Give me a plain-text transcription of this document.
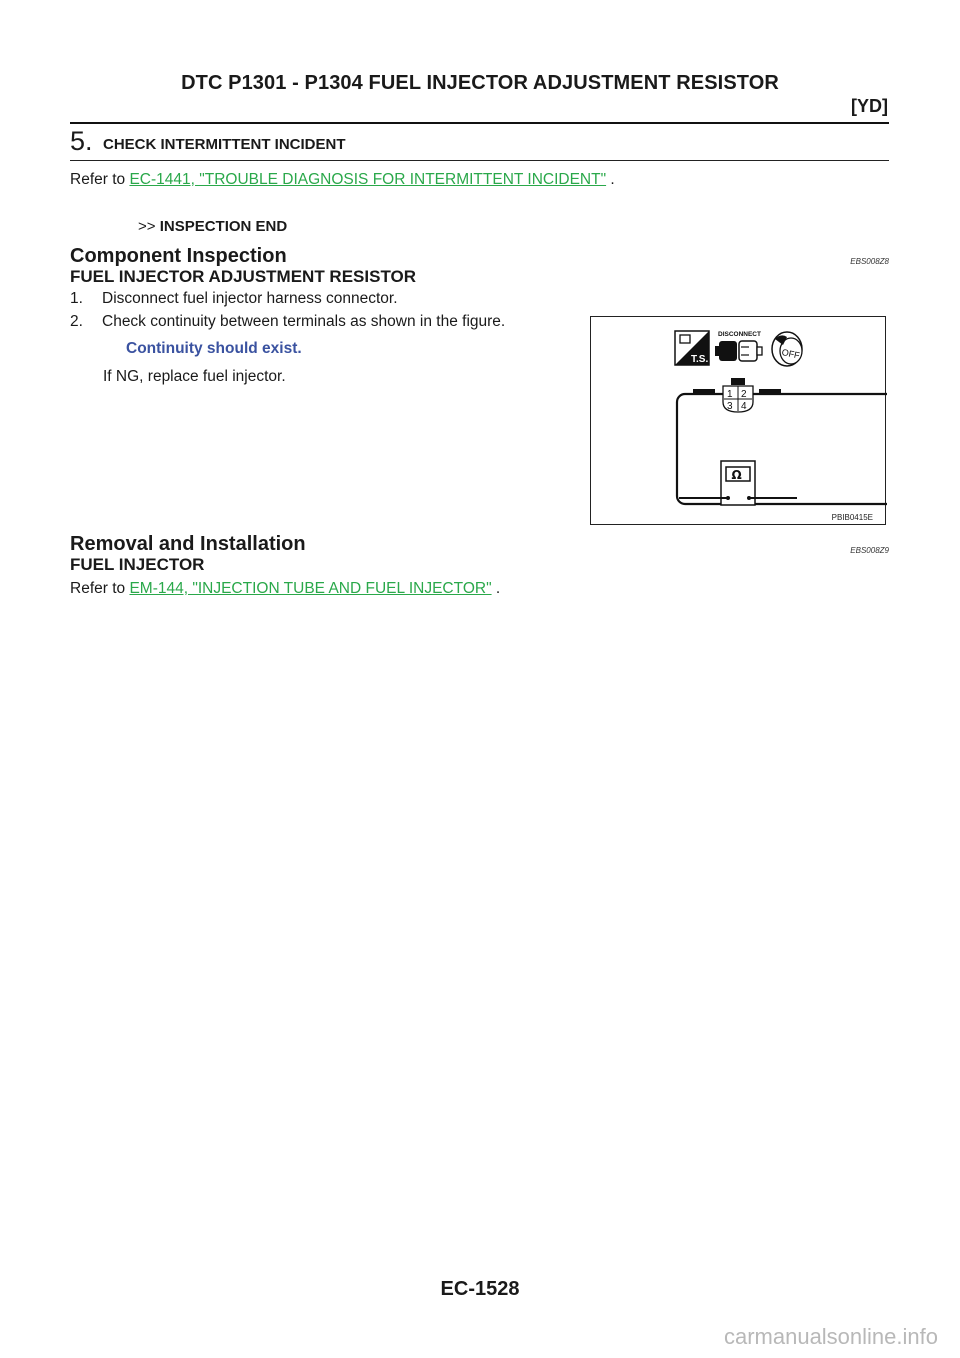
DTC P1301 - P1304 FUEL INJECTOR ADJUSTMENT RESISTOR
[YD]
5. CHECK INTERMITTENT INCIDENT
Refer to EC-1441, "TROUBLE DIAGNOSIS FOR INTERMITTENT INCIDENT" .
>> INSPECTION END
Component Inspection	EBS008Z8
FUEL INJECTOR ADJUSTMENT RESISTOR
1. Disconnect fuel injector harness connector.
2. Check continuity between terminals as shown in the figure.
Continuity should exist.
If NG, replace fuel injector.
T.S.
DISCONNECT
OFF
1 2
3 4
Ω
PBIB0415E
Removal and Installation	EBS008Z9
FUEL INJECTOR
Refer to EM-144, "INJECTION TUBE AND FUEL INJECTOR" .
EC-1528
carmanualsonline.info
